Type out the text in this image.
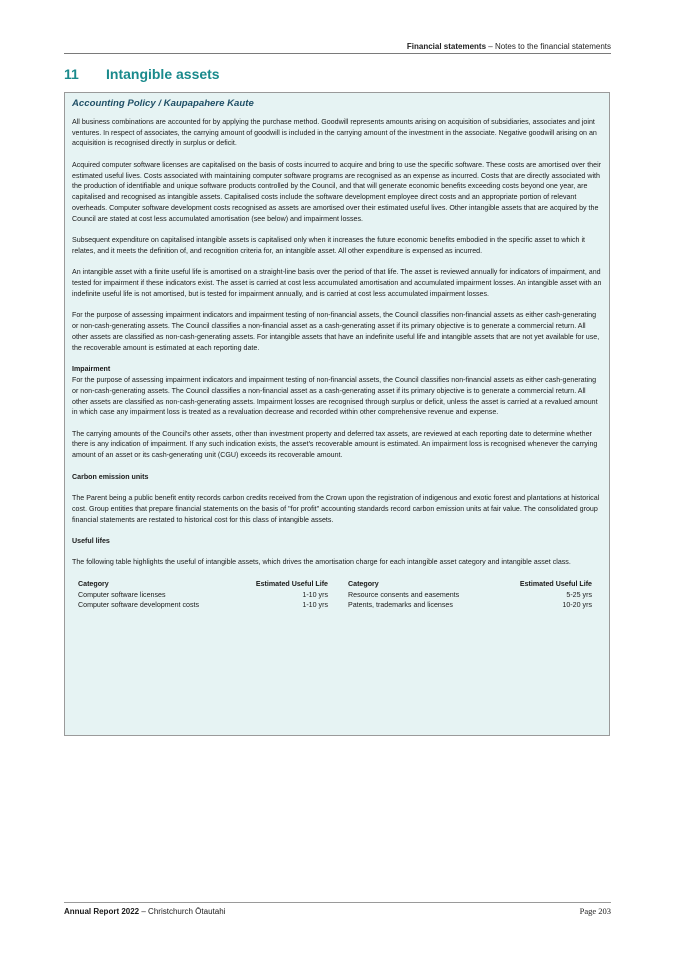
Financial statements – Notes to the financial statements
11 Intangible assets
Accounting Policy / Kaupapahere Kaute

All business combinations are accounted for by applying the purchase method. Goodwill represents amounts arising on acquisition of subsidiaries, associates and joint ventures. In respect of associates, the carrying amount of goodwill is included in the carrying amount of the investment in the associate. Negative goodwill arising on an acquisition is recognised directly in surplus or deficit.

Acquired computer software licenses are capitalised on the basis of costs incurred to acquire and bring to use the specific software. These costs are amortised over their estimated useful lives. Costs associated with maintaining computer software programs are recognised as an expense as incurred. Costs that are directly associated with the production of identifiable and unique software products controlled by the Council, and that will generate economic benefits exceeding costs beyond one year, are capitalised and recognised as intangible assets. Capitalised costs include the software development employee direct costs and an appropriate portion of relevant overheads. Computer software development costs recognised as assets are amortised over their estimated useful lives. Other intangible assets that are acquired by the Council are stated at cost less accumulated amortisation (see below) and impairment losses.

Subsequent expenditure on capitalised intangible assets is capitalised only when it increases the future economic benefits embodied in the specific asset to which it relates, and it meets the definition of, and recognition criteria for, an intangible asset. All other expenditure is expensed as incurred.

An intangible asset with a finite useful life is amortised on a straight-line basis over the period of that life. The asset is reviewed annually for indicators of impairment, and tested for impairment if these indicators exist. The asset is carried at cost less accumulated amortisation and accumulated impairment losses. An intangible asset with an indefinite useful life is not amortised, but is tested for impairment annually, and is carried at cost less accumulated impairment losses.

For the purpose of assessing impairment indicators and impairment testing of non-financial assets, the Council classifies non-financial assets as either cash-generating or non-cash-generating assets. The Council classifies a non-financial asset as a cash-generating asset if its primary objective is to generate a commercial return. All other assets are classified as non-cash-generating assets. For intangible assets that have an indefinite useful life and intangible assets that are not yet available for use, the recoverable amount is estimated at each reporting date.

Impairment

For the purpose of assessing impairment indicators and impairment testing of non-financial assets, the Council classifies non-financial assets as either cash-generating or non-cash-generating assets. The Council classifies a non-financial asset as a cash-generating asset if its primary objective is to generate a commercial return. All other assets are classified as non-cash-generating assets. Impairment losses are recognised through surplus or deficit, unless the asset is carried at a revalued amount in which case any impairment loss is treated as a revaluation decrease and recorded within other comprehensive revenue and expense.

The carrying amounts of the Council's other assets, other than investment property and deferred tax assets, are reviewed at each reporting date to determine whether there is any indication of impairment. If any such indication exists, the asset's recoverable amount is estimated. An impairment loss is recognised whenever the carrying amount of an asset or its cash-generating unit (CGU) exceeds its recoverable amount.

Carbon emission units

The Parent being a public benefit entity records carbon credits received from the Crown upon the registration of indigenous and exotic forest and plantations at historical cost. Group entities that prepare financial statements on the basis of "for profit" accounting standards record carbon emission units at fair value. The consolidated group financial statements are restated to historical cost for this class of intangible assets.

Useful lifes

The following table highlights the useful of intangible assets, which drives the amortisation charge for each intangible asset category and intangible asset class.

Category	Estimated Useful Life
Computer software licenses	1-10 yrs
Computer software development costs	1-10 yrs
Category	Estimated Useful Life
Resource consents and easements	5-25 yrs
Patents, trademarks and licenses	10-20 yrs
Annual Report 2022 – Christchurch Ōtautahi	Page 203
